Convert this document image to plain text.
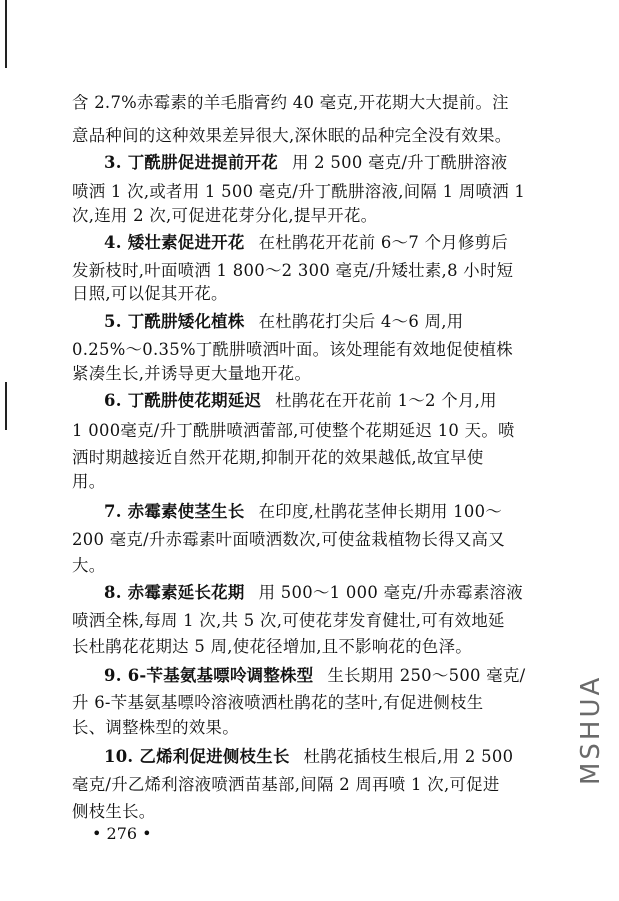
含 2.7%赤霉素的羊毛脂膏约 40 毫克,开花期大大提前。注
意品种间的这种效果差异很大,深休眠的品种完全没有效果。
3. 丁酰肼促进提前开花 用 2 500 毫克/升丁酰肼溶液
喷洒 1 次,或者用 1 500 毫克/升丁酰肼溶液,间隔 1 周喷洒 1
次,连用 2 次,可促进花芽分化,提早开花。
4. 矮壮素促进开花 在杜鹃花开花前 6～7 个月修剪后
发新枝时,叶面喷洒 1 800～2 300 毫克/升矮壮素,8 小时短
日照,可以促其开花。
5. 丁酰肼矮化植株 在杜鹃花打尖后 4～6 周,用
0.25%～0.35%丁酰肼喷洒叶面。该处理能有效地促使植株
紧凑生长,并诱导更大量地开花。
6. 丁酰肼使花期延迟 杜鹃花在开花前 1～2 个月,用
1 000毫克/升丁酰肼喷洒蕾部,可使整个花期延迟 10 天。喷
洒时期越接近自然开花期,抑制开花的效果越低,故宜早使
用。
7. 赤霉素使茎生长 在印度,杜鹃花茎伸长期用 100～
200 毫克/升赤霉素叶面喷洒数次,可使盆栽植物长得又高又
大。
8. 赤霉素延长花期 用 500～1 000 毫克/升赤霉素溶液
喷洒全株,每周 1 次,共 5 次,可使花芽发育健壮,可有效地延
长杜鹃花花期达 5 周,使花径增加,且不影响花的色泽。
9. 6-苄基氨基嘌呤调整株型 生长期用 250～500 毫克/
升 6-苄基氨基嘌呤溶液喷洒杜鹃花的茎叶,有促进侧枝生
长、调整株型的效果。
10. 乙烯利促进侧枝生长 杜鹃花插枝生根后,用 2 500
毫克/升乙烯利溶液喷洒苗基部,间隔 2 周再喷 1 次,可促进
侧枝生长。
• 276 •
MSHUA
